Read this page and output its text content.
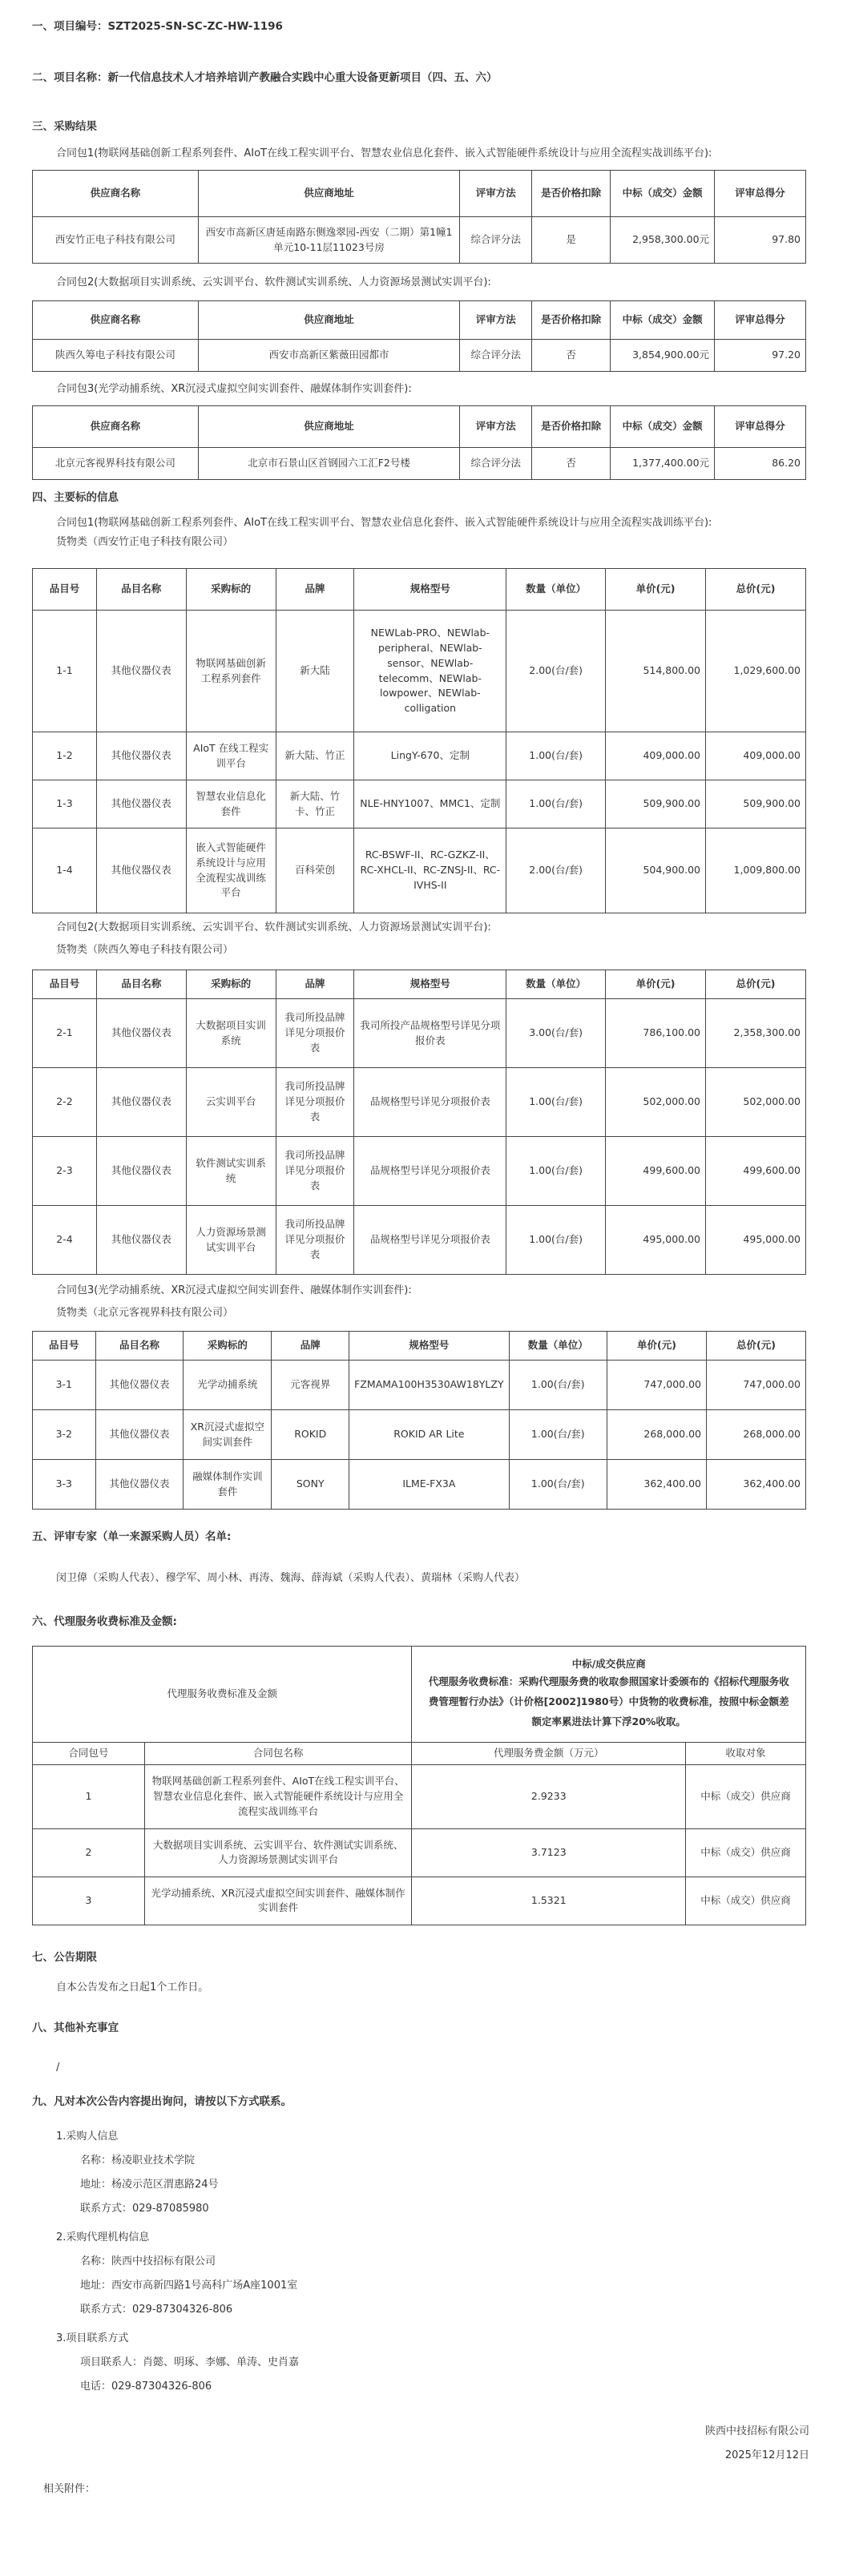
一、项目编号： SZT2025-SN-SC-ZC-HW-1196
二、项目名称： 新一代信息技术人才培养培训产教融合实践中心重大设备更新项目（四、五、六）
三、采购结果
合同包1(物联网基础创新工程系列套件、AIoT在线工程实训平台、智慧农业信息化套件、嵌入式智能硬件系统设计与应用全流程实战训练平台):
供应商名称	供应商地址	评审方法	是否价格扣除	中标（成交）金额	评审总得分
西安竹正电子科技有限公司	西安市高新区唐延南路东侧逸翠园-西安（二期）第1幢1单元10-11层11023号房	综合评分法	是	2,958,300.00元	97.80
合同包2(大数据项目实训系统、云实训平台、软件测试实训系统、人力资源场景测试实训平台):
供应商名称	供应商地址	评审方法	是否价格扣除	中标（成交）金额	评审总得分
陕西久筹电子科技有限公司	西安市高新区紫薇田园都市	综合评分法	否	3,854,900.00元	97.20
合同包3(光学动捕系统、XR沉浸式虚拟空间实训套件、融媒体制作实训套件):
供应商名称	供应商地址	评审方法	是否价格扣除	中标（成交）金额	评审总得分
北京元客视界科技有限公司	北京市石景山区首钢园六工汇F2号楼	综合评分法	否	1,377,400.00元	86.20
四、主要标的信息
合同包1(物联网基础创新工程系列套件、AIoT在线工程实训平台、智慧农业信息化套件、嵌入式智能硬件系统设计与应用全流程实战训练平台):
货物类（西安竹正电子科技有限公司）
品目号	品目名称	采购标的	品牌	规格型号	数量（单位）	单价(元)	总价(元)
1-1	其他仪器仪表	物联网基础创新工程系列套件	新大陆	NEWLab-PRO、NEWlab-peripheral、NEWlab-sensor、NEWlab-telecomm、NEWlab-lowpower、NEWlab-colligation	2.00(台/套)	514,800.00	1,029,600.00
1-2	其他仪器仪表	AIoT 在线工程实训平台	新大陆、竹正	LingY-670、定制	1.00(台/套)	409,000.00	409,000.00
1-3	其他仪器仪表	智慧农业信息化套件	新大陆、竹卡、竹正	NLE-HNY1007、MMC1、定制	1.00(台/套)	509,900.00	509,900.00
1-4	其他仪器仪表	嵌入式智能硬件系统设计与应用全流程实战训练平台	百科荣创	RC-BSWF-II、RC-GZKZ-II、RC-XHCL-II、RC-ZNSJ-II、RC-IVHS-II	2.00(台/套)	504,900.00	1,009,800.00
合同包2(大数据项目实训系统、云实训平台、软件测试实训系统、人力资源场景测试实训平台):
货物类（陕西久筹电子科技有限公司）
品目号	品目名称	采购标的	品牌	规格型号	数量（单位）	单价(元)	总价(元)
2-1	其他仪器仪表	大数据项目实训系统	我司所投品牌详见分项报价表	我司所投产品规格型号详见分项报价表	3.00(台/套)	786,100.00	2,358,300.00
2-2	其他仪器仪表	云实训平台	我司所投品牌详见分项报价表	品规格型号详见分项报价表	1.00(台/套)	502,000.00	502,000.00
2-3	其他仪器仪表	软件测试实训系统	我司所投品牌详见分项报价表	品规格型号详见分项报价表	1.00(台/套)	499,600.00	499,600.00
2-4	其他仪器仪表	人力资源场景测试实训平台	我司所投品牌详见分项报价表	品规格型号详见分项报价表	1.00(台/套)	495,000.00	495,000.00
合同包3(光学动捕系统、XR沉浸式虚拟空间实训套件、融媒体制作实训套件):
货物类（北京元客视界科技有限公司）
品目号	品目名称	采购标的	品牌	规格型号	数量（单位）	单价(元)	总价(元)
3-1	其他仪器仪表	光学动捕系统	元客视界	FZMAMA100H3530AW18YLZY	1.00(台/套)	747,000.00	747,000.00
3-2	其他仪器仪表	XR沉浸式虚拟空间实训套件	ROKID	ROKID AR Lite	1.00(台/套)	268,000.00	268,000.00
3-3	其他仪器仪表	融媒体制作实训套件	SONY	ILME-FX3A	1.00(台/套)	362,400.00	362,400.00
五、评审专家（单一来源采购人员）名单:
闵卫偉（采购人代表）、穆学军、周小林、再涛、魏海、薛海斌（采购人代表）、黄瑞林（采购人代表）
六、代理服务收费标准及金额:
代理服务收费标准及金额		中标/成交供应商
代理服务收费标准：采购代理服务费的收取参照国家计委颁布的《招标代理服务收费管理暂行办法》（计价格[2002]1980号）中货物的收费标准，按照中标金额差额定率累进法计算下浮20%收取。	

合同包号	合同包名称	代理服务费金额（万元）	收取对象
1	物联网基础创新工程系列套件、AIoT在线工程实训平台、智慧农业信息化套件、嵌入式智能硬件系统设计与应用全流程实战训练平台	2.9233	中标（成交）供应商
2	大数据项目实训系统、云实训平台、软件测试实训系统、人力资源场景测试实训平台	3.7123	中标（成交）供应商
3	光学动捕系统、XR沉浸式虚拟空间实训套件、融媒体制作实训套件	1.5321	中标（成交）供应商
七、公告期限
自本公告发布之日起1个工作日。
八、其他补充事宜
/
九、凡对本次公告内容提出询问，请按以下方式联系。
1.采购人信息
名称：杨凌职业技术学院
地址：杨凌示范区渭惠路24号
联系方式：029-87085980
2.采购代理机构信息
名称：陕西中技招标有限公司
地址：西安市高新四路1号高科广场A座1001室
联系方式：029-87304326-806
3.项目联系方式
项目联系人：肖懿、明琢、李娜、单涛、史肖嘉
电话：029-87304326-806
陕西中技招标有限公司
2025年12月12日
相关附件：
